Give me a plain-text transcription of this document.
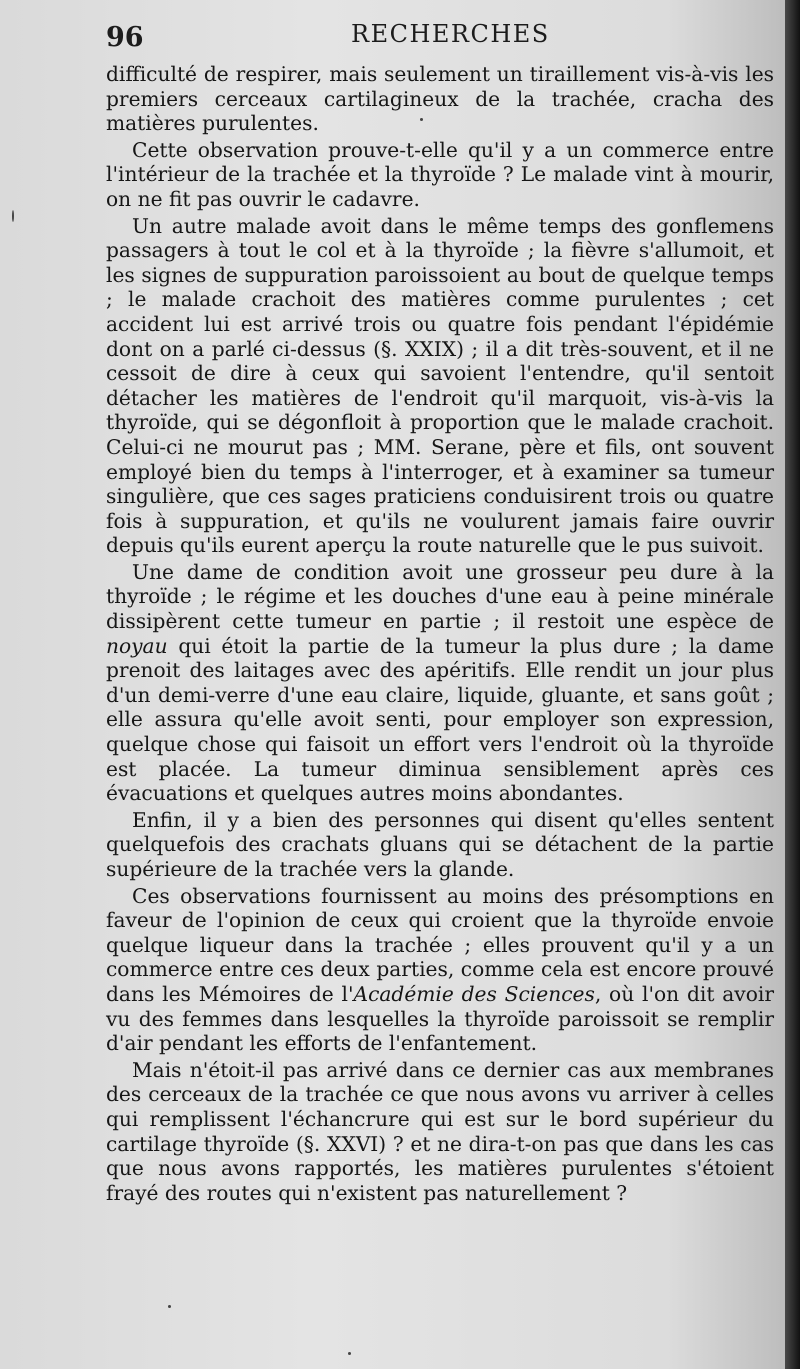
96	RECHERCHES

difficulté de respirer, mais seulement un tiraillement vis-à-vis les premiers cerceaux cartilagineux de la trachée, cracha des matières purulentes.

Cette observation prouve-t-elle qu'il y a un commerce entre l'intérieur de la trachée et la thyroïde ? Le malade vint à mourir, on ne fit pas ouvrir le cadavre.

Un autre malade avoit dans le même temps des gonflemens passagers à tout le col et à la thyroïde ; la fièvre s'allumoit, et les signes de suppuration paroissoient au bout de quelque temps ; le malade crachoit des matières comme purulentes ; cet accident lui est arrivé trois ou quatre fois pendant l'épidémie dont on a parlé ci-dessus (§. XXIX) ; il a dit très-souvent, et il ne cessoit de dire à ceux qui savoient l'entendre, qu'il sentoit détacher les matières de l'endroit qu'il marquoit, vis-à-vis la thyroïde, qui se dégonfloit à proportion que le malade crachoit. Celui-ci ne mourut pas ; MM. Serane, père et fils, ont souvent employé bien du temps à l'interroger, et à examiner sa tumeur singulière, que ces sages praticiens conduisirent trois ou quatre fois à suppuration, et qu'ils ne voulurent jamais faire ouvrir depuis qu'ils eurent aperçu la route naturelle que le pus suivoit.

Une dame de condition avoit une grosseur peu dure à la thyroïde ; le régime et les douches d'une eau à peine minérale dissipèrent cette tumeur en partie ; il restoit une espèce de noyau qui étoit la partie de la tumeur la plus dure ; la dame prenoit des laitages avec des apéritifs. Elle rendit un jour plus d'un demi-verre d'une eau claire, liquide, gluante, et sans goût ; elle assura qu'elle avoit senti, pour employer son expression, quelque chose qui faisoit un effort vers l'endroit où la thyroïde est placée. La tumeur diminua sensiblement après ces évacuations et quelques autres moins abondantes.

Enfin, il y a bien des personnes qui disent qu'elles sentent quelquefois des crachats gluans qui se détachent de la partie supérieure de la trachée vers la glande.

Ces observations fournissent au moins des présomptions en faveur de l'opinion de ceux qui croient que la thyroïde envoie quelque liqueur dans la trachée ; elles prouvent qu'il y a un commerce entre ces deux parties, comme cela est encore prouvé dans les Mémoires de l'Académie des Sciences, où l'on dit avoir vu des femmes dans lesquelles la thyroïde paroissoit se remplir d'air pendant les efforts de l'enfantement.

Mais n'étoit-il pas arrivé dans ce dernier cas aux membranes des cerceaux de la trachée ce que nous avons vu arriver à celles qui remplissent l'échancrure qui est sur le bord supérieur du cartilage thyroïde (§. XXVI) ? et ne dira-t-on pas que dans les cas que nous avons rapportés, les matières purulentes s'étoient frayé des routes qui n'existent pas naturellement ?
